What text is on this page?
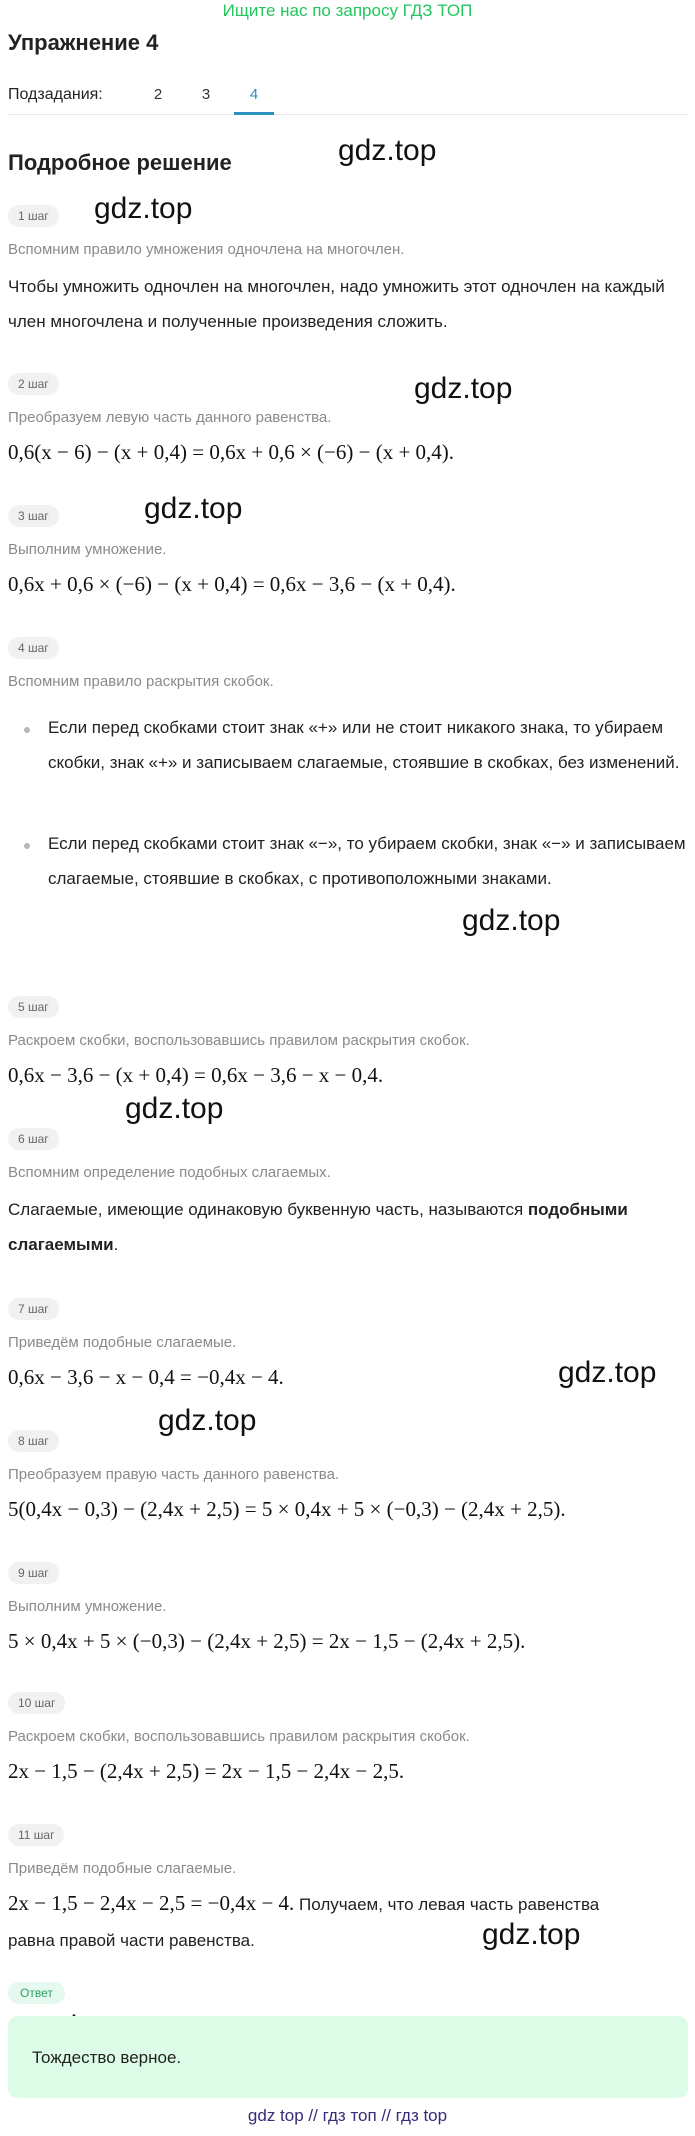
Ищите нас по запросу ГДЗ ТОП
Упражнение 4
Подзадания:	2	3	4
Подробное решение	gdz.top
gdz.top
gdz.top
gdz.top
gdz.top
gdz.top
gdz.top
gdz.top
gdz.top
1 шаг
Вспомним правило умножения одночлена на многочлен.
Чтобы умножить одночлен на многочлен, надо умножить этот одночлен на каждый член многочлена и полученные произведения сложить.
2 шаг
Преобразуем левую часть данного равенства.
0,6(x − 6) − (x + 0,4) = 0,6x + 0,6 × (−6) − (x + 0,4).
3 шаг
Выполним умножение.
0,6x + 0,6 × (−6) − (x + 0,4) = 0,6x − 3,6 − (x + 0,4).
4 шаг
Вспомним правило раскрытия скобок.
Если перед скобками стоит знак «+» или не стоит никакого знака, то убираем скобки, знак «+» и записываем слагаемые, стоявшие в скобках, без изменений.
Если перед скобками стоит знак «−», то убираем скобки, знак «−» и записываем слагаемые, стоявшие в скобках, с противоположными знаками.
5 шаг
Раскроем скобки, воспользовавшись правилом раскрытия скобок.
0,6x − 3,6 − (x + 0,4) = 0,6x − 3,6 − x − 0,4.
6 шаг
Вспомним определение подобных слагаемых.
Слагаемые, имеющие одинаковую буквенную часть, называются подобными слагаемыми.
7 шаг
Приведём подобные слагаемые.
0,6x − 3,6 − x − 0,4 = −0,4x − 4.
8 шаг
Преобразуем правую часть данного равенства.
5(0,4x − 0,3) − (2,4x + 2,5) = 5 × 0,4x + 5 × (−0,3) − (2,4x + 2,5).
9 шаг
Выполним умножение.
5 × 0,4x + 5 × (−0,3) − (2,4x + 2,5) = 2x − 1,5 − (2,4x + 2,5).
10 шаг
Раскроем скобки, воспользовавшись правилом раскрытия скобок.
2x − 1,5 − (2,4x + 2,5) = 2x − 1,5 − 2,4x − 2,5.
11 шаг
Приведём подобные слагаемые.
2x − 1,5 − 2,4x − 2,5 = −0,4x − 4. Получаем, что левая часть равенства
равна правой части равенства.
Ответ
Тождество верное.
gdz top // гдз топ // гдз top
